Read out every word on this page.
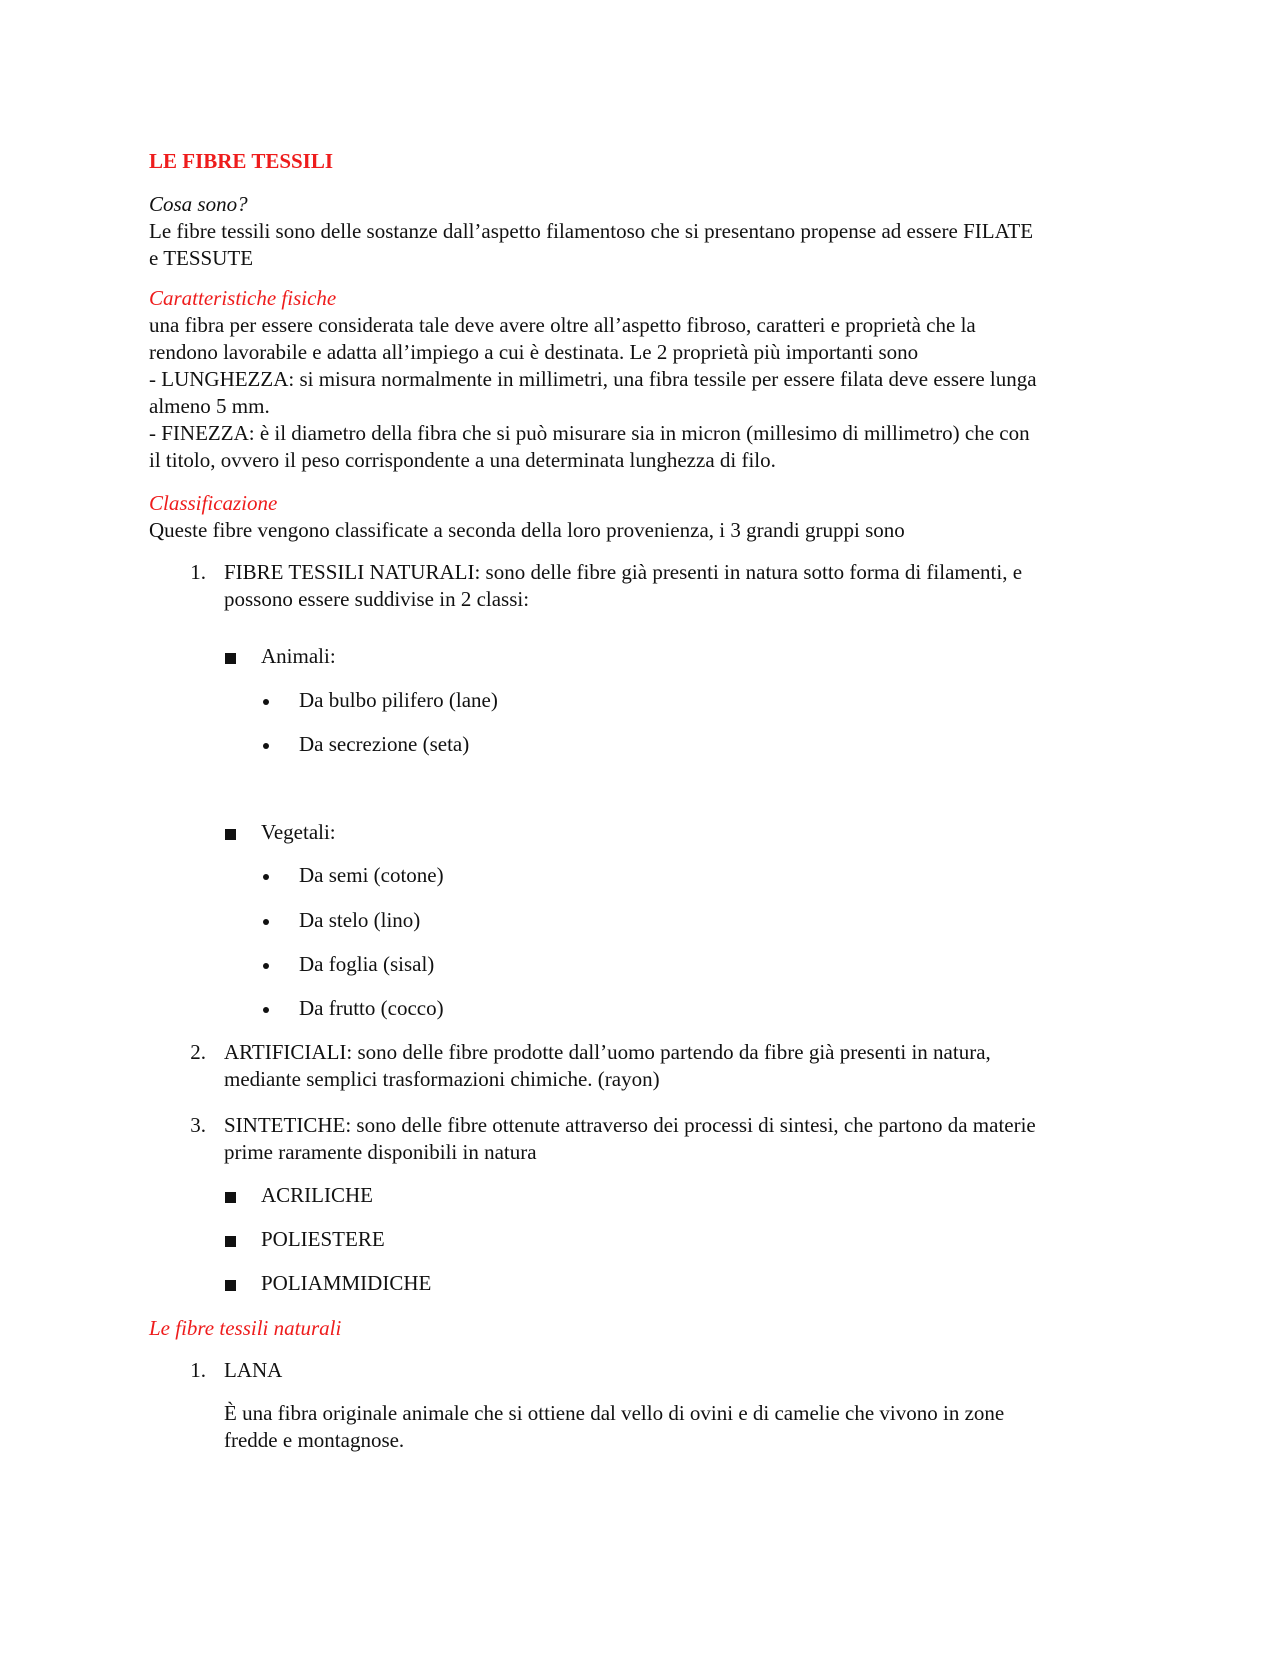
LE FIBRE TESSILI
Cosa sono?
Le fibre tessili sono delle sostanze dall’aspetto filamentoso che si presentano propense ad essere FILATE
e TESSUTE
Caratteristiche fisiche
una fibra per essere considerata tale deve avere oltre all’aspetto fibroso, caratteri e proprietà che la
rendono lavorabile e adatta all’impiego a cui è destinata. Le 2 proprietà più importanti sono
- LUNGHEZZA: si misura normalmente in millimetri, una fibra tessile per essere filata deve essere lunga
almeno 5 mm.
- FINEZZA: è il diametro della fibra che si può misurare sia in micron (millesimo di millimetro) che con
il titolo, ovvero il peso corrispondente a una determinata lunghezza di filo.
Classificazione
Queste fibre vengono classificate a seconda della loro provenienza, i 3 grandi gruppi sono
1. FIBRE TESSILI NATURALI: sono delle fibre già presenti in natura sotto forma di filamenti, e
possono essere suddivise in 2 classi:
Animali:
Da bulbo pilifero (lane)
Da secrezione (seta)
Vegetali:
Da semi (cotone)
Da stelo (lino)
Da foglia (sisal)
Da frutto (cocco)
2. ARTIFICIALI: sono delle fibre prodotte dall’uomo partendo da fibre già presenti in natura,
mediante semplici trasformazioni chimiche. (rayon)
3. SINTETICHE: sono delle fibre ottenute attraverso dei processi di sintesi, che partono da materie
prime raramente disponibili in natura
ACRILICHE
POLIESTERE
POLIAMMIDICHE
Le fibre tessili naturali
1. LANA
È una fibra originale animale che si ottiene dal vello di ovini e di camelie che vivono in zone
fredde e montagnose.
